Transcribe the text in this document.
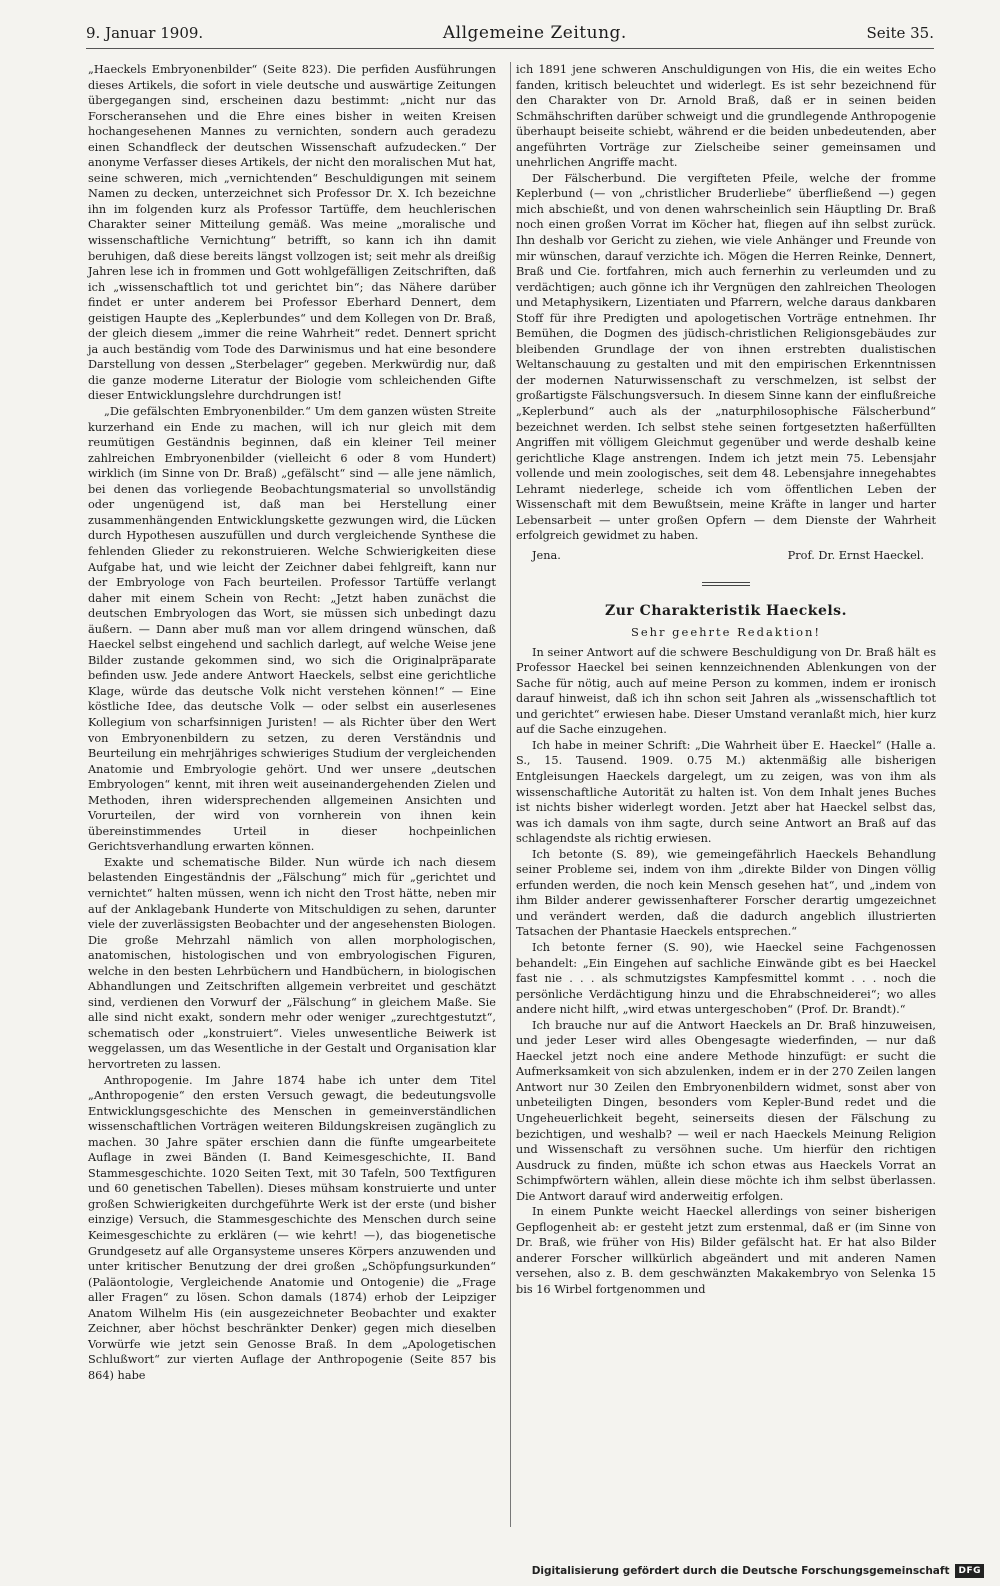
9. Januar 1909.	Allgemeine Zeitung.	Seite 35.

„Haeckels Embryonenbilder“ (Seite 823). Die perfiden Ausführungen dieses Artikels, die sofort in viele deutsche und auswärtige Zeitungen übergegangen sind, erscheinen dazu bestimmt: „nicht nur das Forscheransehen und die Ehre eines bisher in weiten Kreisen hochangesehenen Mannes zu vernichten, sondern auch geradezu einen Schandfleck der deutschen Wissenschaft aufzudecken.“ Der anonyme Verfasser dieses Artikels, der nicht den moralischen Mut hat, seine schweren, mich „vernichtenden“ Beschuldigungen mit seinem Namen zu decken, unterzeichnet sich Professor Dr. X. Ich bezeichne ihn im folgenden kurz als Professor Tartüffe, dem heuchlerischen Charakter seiner Mitteilung gemäß. Was meine „moralische und wissenschaftliche Vernichtung“ betrifft, so kann ich ihn damit beruhigen, daß diese bereits längst vollzogen ist; seit mehr als dreißig Jahren lese ich in frommen und Gott wohlgefälligen Zeitschriften, daß ich „wissenschaftlich tot und gerichtet bin“; das Nähere darüber findet er unter anderem bei Professor Eberhard Dennert, dem geistigen Haupte des „Keplerbundes“ und dem Kollegen von Dr. Braß, der gleich diesem „immer die reine Wahrheit“ redet. Dennert spricht ja auch beständig vom Tode des Darwinismus und hat eine besondere Darstellung von dessen „Sterbelager“ gegeben. Merkwürdig nur, daß die ganze moderne Literatur der Biologie vom schleichenden Gifte dieser Entwicklungslehre durchdrungen ist!

„Die gefälschten Embryonenbilder.“ Um dem ganzen wüsten Streite kurzerhand ein Ende zu machen, will ich nur gleich mit dem reumütigen Geständnis beginnen, daß ein kleiner Teil meiner zahlreichen Embryonenbilder (vielleicht 6 oder 8 vom Hundert) wirklich (im Sinne von Dr. Braß) „gefälscht“ sind — alle jene nämlich, bei denen das vorliegende Beobachtungsmaterial so unvollständig oder ungenügend ist, daß man bei Herstellung einer zusammenhängenden Entwicklungskette gezwungen wird, die Lücken durch Hypothesen auszufüllen und durch vergleichende Synthese die fehlenden Glieder zu rekonstruieren. Welche Schwierigkeiten diese Aufgabe hat, und wie leicht der Zeichner dabei fehlgreift, kann nur der Embryologe von Fach beurteilen. Professor Tartüffe verlangt daher mit einem Schein von Recht: „Jetzt haben zunächst die deutschen Embryologen das Wort, sie müssen sich unbedingt dazu äußern. — Dann aber muß man vor allem dringend wünschen, daß Haeckel selbst eingehend und sachlich darlegt, auf welche Weise jene Bilder zustande gekommen sind, wo sich die Originalpräparate befinden usw. Jede andere Antwort Haeckels, selbst eine gerichtliche Klage, würde das deutsche Volk nicht verstehen können!“ — Eine köstliche Idee, das deutsche Volk — oder selbst ein auserlesenes Kollegium von scharfsinnigen Juristen! — als Richter über den Wert von Embryonenbildern zu setzen, zu deren Verständnis und Beurteilung ein mehrjähriges schwieriges Studium der vergleichenden Anatomie und Embryologie gehört. Und wer unsere „deutschen Embryologen“ kennt, mit ihren weit auseinandergehenden Zielen und Methoden, ihren widersprechenden allgemeinen Ansichten und Vorurteilen, der wird von vornherein von ihnen kein übereinstimmendes Urteil in dieser hochpeinlichen Gerichtsverhandlung erwarten können.

Exakte und schematische Bilder. Nun würde ich nach diesem belastenden Eingeständnis der „Fälschung“ mich für „gerichtet und vernichtet“ halten müssen, wenn ich nicht den Trost hätte, neben mir auf der Anklagebank Hunderte von Mitschuldigen zu sehen, darunter viele der zuverlässigsten Beobachter und der angesehensten Biologen. Die große Mehrzahl nämlich von allen morphologischen, anatomischen, histologischen und von embryologischen Figuren, welche in den besten Lehrbüchern und Handbüchern, in biologischen Abhandlungen und Zeitschriften allgemein verbreitet und geschätzt sind, verdienen den Vorwurf der „Fälschung“ in gleichem Maße. Sie alle sind nicht exakt, sondern mehr oder weniger „zurechtgestutzt“, schematisch oder „konstruiert“. Vieles unwesentliche Beiwerk ist weggelassen, um das Wesentliche in der Gestalt und Organisation klar hervortreten zu lassen.

Anthropogenie. Im Jahre 1874 habe ich unter dem Titel „Anthropogenie“ den ersten Versuch gewagt, die bedeutungsvolle Entwicklungsgeschichte des Menschen in gemeinverständlichen wissenschaftlichen Vorträgen weiteren Bildungskreisen zugänglich zu machen. 30 Jahre später erschien dann die fünfte umgearbeitete Auflage in zwei Bänden (I. Band Keimesgeschichte, II. Band Stammesgeschichte. 1020 Seiten Text, mit 30 Tafeln, 500 Textfiguren und 60 genetischen Tabellen). Dieses mühsam konstruierte und unter großen Schwierigkeiten durchgeführte Werk ist der erste (und bisher einzige) Versuch, die Stammesgeschichte des Menschen durch seine Keimesgeschichte zu erklären (— wie kehrt! —), das biogenetische Grundgesetz auf alle Organsysteme unseres Körpers anzuwenden und unter kritischer Benutzung der drei großen „Schöpfungsurkunden“ (Paläontologie, Vergleichende Anatomie und Ontogenie) die „Frage aller Fragen“ zu lösen. Schon damals (1874) erhob der Leipziger Anatom Wilhelm His (ein ausgezeichneter Beobachter und exakter Zeichner, aber höchst beschränkter Denker) gegen mich dieselben Vorwürfe wie jetzt sein Genosse Braß. In dem „Apologetischen Schlußwort“ zur vierten Auflage der Anthropogenie (Seite 857 bis 864) habe

ich 1891 jene schweren Anschuldigungen von His, die ein weites Echo fanden, kritisch beleuchtet und widerlegt. Es ist sehr bezeichnend für den Charakter von Dr. Arnold Braß, daß er in seinen beiden Schmähschriften darüber schweigt und die grundlegende Anthropogenie überhaupt beiseite schiebt, während er die beiden unbedeutenden, aber angeführten Vorträge zur Zielscheibe seiner gemeinsamen und unehrlichen Angriffe macht.

Der Fälscherbund. Die vergifteten Pfeile, welche der fromme Keplerbund (— von „christlicher Bruderliebe“ überfließend —) gegen mich abschießt, und von denen wahrscheinlich sein Häuptling Dr. Braß noch einen großen Vorrat im Köcher hat, fliegen auf ihn selbst zurück. Ihn deshalb vor Gericht zu ziehen, wie viele Anhänger und Freunde von mir wünschen, darauf verzichte ich. Mögen die Herren Reinke, Dennert, Braß und Cie. fortfahren, mich auch fernerhin zu verleumden und zu verdächtigen; auch gönne ich ihr Vergnügen den zahlreichen Theologen und Metaphysikern, Lizentiaten und Pfarrern, welche daraus dankbaren Stoff für ihre Predigten und apologetischen Vorträge entnehmen. Ihr Bemühen, die Dogmen des jüdisch-christlichen Religionsgebäudes zur bleibenden Grundlage der von ihnen erstrebten dualistischen Weltanschauung zu gestalten und mit den empirischen Erkenntnissen der modernen Naturwissenschaft zu verschmelzen, ist selbst der großartigste Fälschungsversuch. In diesem Sinne kann der einflußreiche „Keplerbund“ auch als der „naturphilosophische Fälscherbund“ bezeichnet werden. Ich selbst stehe seinen fortgesetzten haßerfüllten Angriffen mit völligem Gleichmut gegenüber und werde deshalb keine gerichtliche Klage anstrengen. Indem ich jetzt mein 75. Lebensjahr vollende und mein zoologisches, seit dem 48. Lebensjahre innegehabtes Lehramt niederlege, scheide ich vom öffentlichen Leben der Wissenschaft mit dem Bewußtsein, meine Kräfte in langer und harter Lebensarbeit — unter großen Opfern — dem Dienste der Wahrheit erfolgreich gewidmet zu haben.

Jena.	Prof. Dr. Ernst Haeckel.
Zur Charakteristik Haeckels.
Sehr geehrte Redaktion!

In seiner Antwort auf die schwere Beschuldigung von Dr. Braß hält es Professor Haeckel bei seinen kennzeichnenden Ablenkungen von der Sache für nötig, auch auf meine Person zu kommen, indem er ironisch darauf hinweist, daß ich ihn schon seit Jahren als „wissenschaftlich tot und gerichtet“ erwiesen habe. Dieser Umstand veranlaßt mich, hier kurz auf die Sache einzugehen.

Ich habe in meiner Schrift: „Die Wahrheit über E. Haeckel“ (Halle a. S., 15. Tausend. 1909. 0.75 M.) aktenmäßig alle bisherigen Entgleisungen Haeckels dargelegt, um zu zeigen, was von ihm als wissenschaftliche Autorität zu halten ist. Von dem Inhalt jenes Buches ist nichts bisher widerlegt worden. Jetzt aber hat Haeckel selbst das, was ich damals von ihm sagte, durch seine Antwort an Braß auf das schlagendste als richtig erwiesen.

Ich betonte (S. 89), wie gemeingefährlich Haeckels Behandlung seiner Probleme sei, indem von ihm „direkte Bilder von Dingen völlig erfunden werden, die noch kein Mensch gesehen hat“, und „indem von ihm Bilder anderer gewissenhafterer Forscher derartig umgezeichnet und verändert werden, daß die dadurch angeblich illustrierten Tatsachen der Phantasie Haeckels entsprechen.“

Ich betonte ferner (S. 90), wie Haeckel seine Fachgenossen behandelt: „Ein Eingehen auf sachliche Einwände gibt es bei Haeckel fast nie . . . als schmutzigstes Kampfesmittel kommt . . . noch die persönliche Verdächtigung hinzu und die Ehrabschneiderei“; wo alles andere nicht hilft, „wird etwas untergeschoben“ (Prof. Dr. Brandt).“

Ich brauche nur auf die Antwort Haeckels an Dr. Braß hinzuweisen, und jeder Leser wird alles Obengesagte wiederfinden, — nur daß Haeckel jetzt noch eine andere Methode hinzufügt: er sucht die Aufmerksamkeit von sich abzulenken, indem er in der 270 Zeilen langen Antwort nur 30 Zeilen den Embryonenbildern widmet, sonst aber von unbeteiligten Dingen, besonders vom Kepler-Bund redet und die Ungeheuerlichkeit begeht, seinerseits diesen der Fälschung zu bezichtigen, und weshalb? — weil er nach Haeckels Meinung Religion und Wissenschaft zu versöhnen suche. Um hierfür den richtigen Ausdruck zu finden, müßte ich schon etwas aus Haeckels Vorrat an Schimpfwörtern wählen, allein diese möchte ich ihm selbst überlassen. Die Antwort darauf wird anderweitig erfolgen.

In einem Punkte weicht Haeckel allerdings von seiner bisherigen Gepflogenheit ab: er gesteht jetzt zum erstenmal, daß er (im Sinne von Dr. Braß, wie früher von His) Bilder gefälscht hat. Er hat also Bilder anderer Forscher willkürlich abgeändert und mit anderen Namen versehen, also z. B. dem geschwänzten Makakembryo von Selenka 15 bis 16 Wirbel fortgenommen und

Digitalisierung gefördert durch die Deutsche Forschungsgemeinschaft	DFG
